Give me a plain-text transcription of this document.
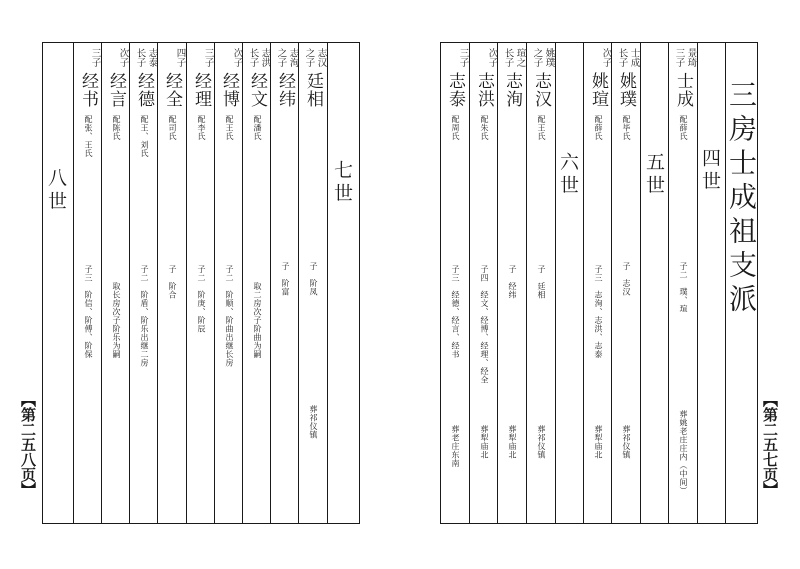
八世	七世
【第二五八页】
志汉
之子
廷相
子　阶凤
葬祁仪镇
志洵
之子
经纬
子　阶富
志洪
长子
经文
配潘氏
取二房次子阶曲为嗣
次子
经博
配王氏
子二　阶顺、阶曲出继长房
三子
经理
配李氏
子二　阶庚、阶辰
四子
经全
配司氏
子　阶合
志泰
长子
经德
配王、刘氏
子二　阶盾、阶乐出继二房
次子
经言
配陈氏
取长房次子阶乐为嗣
三子
经书
配张、王氏
子三　阶信、阶傅、阶保	三房士成祖支派
【第二五七页】
四世
五世
六世
景琦
三子
士成
配薛氏
子二　璞、瑄
葬姚老庄庄内（中间）
士成
长子
姚璞
配毕氏
子　志汉
葬祁仪镇
次子
姚瑄
配薛氏
子三　志洵、志洪、志泰
葬犁庙北
姚璞
之子
志汉
配王氏
子　廷相
葬祁仪镇
瑄之
长子
志洵
子　经纬
葬犁庙北
次子
志洪
配朱氏
子四　经文、经博、经理、经全
葬犁庙北
三子
志泰
配周氏
子三　经德、经言、经书
葬老庄东南
